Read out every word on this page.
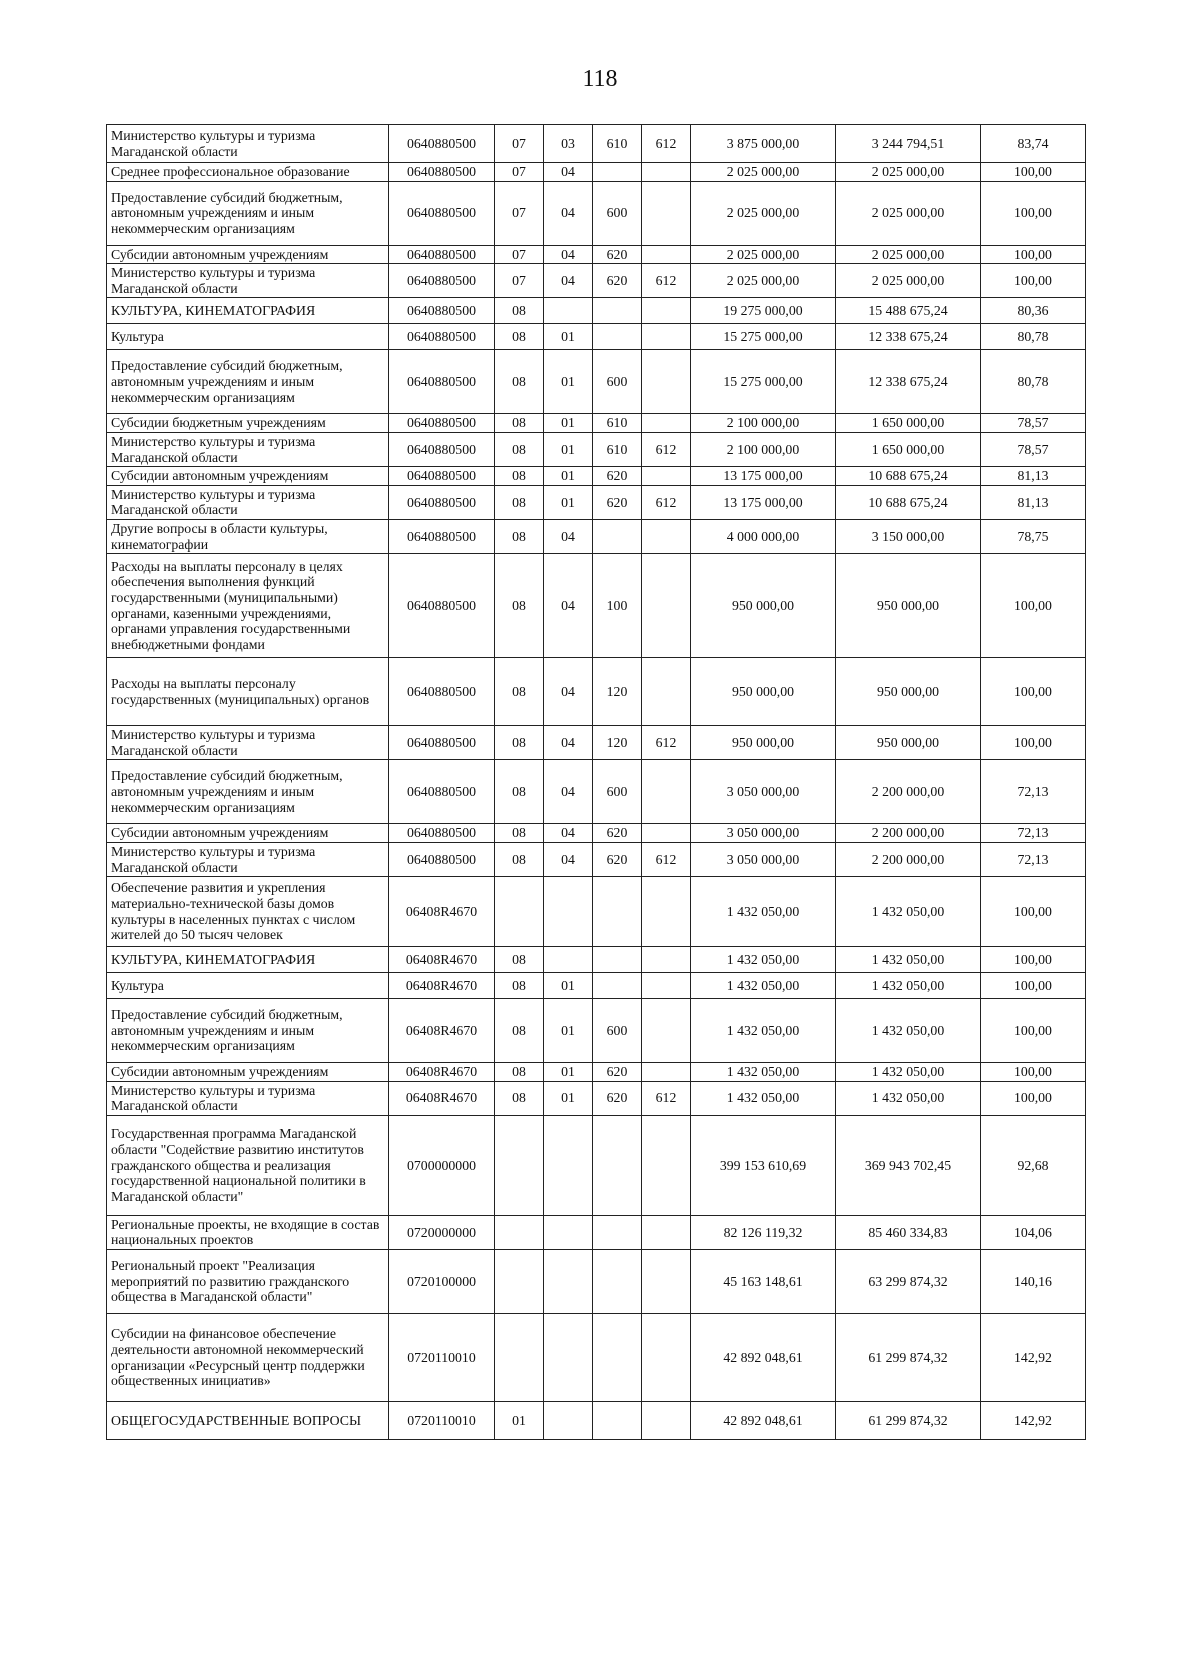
118
Министерство культуры и туризма Магаданской области	0640880500	07	03	610	612	3 875 000,00	3 244 794,51	83,74
Среднее профессиональное образование	0640880500	07	04			2 025 000,00	2 025 000,00	100,00
Предоставление субсидий бюджетным, автономным учреждениям и иным некоммерческим организациям	0640880500	07	04	600		2 025 000,00	2 025 000,00	100,00
Субсидии автономным учреждениям	0640880500	07	04	620		2 025 000,00	2 025 000,00	100,00
Министерство культуры и туризма Магаданской области	0640880500	07	04	620	612	2 025 000,00	2 025 000,00	100,00
КУЛЬТУРА, КИНЕМАТОГРАФИЯ	0640880500	08				19 275 000,00	15 488 675,24	80,36
Культура	0640880500	08	01			15 275 000,00	12 338 675,24	80,78
Предоставление субсидий бюджетным, автономным учреждениям и иным некоммерческим организациям	0640880500	08	01	600		15 275 000,00	12 338 675,24	80,78
Субсидии бюджетным учреждениям	0640880500	08	01	610		2 100 000,00	1 650 000,00	78,57
Министерство культуры и туризма Магаданской области	0640880500	08	01	610	612	2 100 000,00	1 650 000,00	78,57
Субсидии автономным учреждениям	0640880500	08	01	620		13 175 000,00	10 688 675,24	81,13
Министерство культуры и туризма Магаданской области	0640880500	08	01	620	612	13 175 000,00	10 688 675,24	81,13
Другие вопросы в области культуры, кинематографии	0640880500	08	04			4 000 000,00	3 150 000,00	78,75
Расходы на выплаты персоналу в целях обеспечения выполнения функций государственными (муниципальными) органами, казенными учреждениями, органами управления государственными внебюджетными фондами	0640880500	08	04	100		950 000,00	950 000,00	100,00
Расходы на выплаты персоналу государственных (муниципальных) органов	0640880500	08	04	120		950 000,00	950 000,00	100,00
Министерство культуры и туризма Магаданской области	0640880500	08	04	120	612	950 000,00	950 000,00	100,00
Предоставление субсидий бюджетным, автономным учреждениям и иным некоммерческим организациям	0640880500	08	04	600		3 050 000,00	2 200 000,00	72,13
Субсидии автономным учреждениям	0640880500	08	04	620		3 050 000,00	2 200 000,00	72,13
Министерство культуры и туризма Магаданской области	0640880500	08	04	620	612	3 050 000,00	2 200 000,00	72,13
Обеспечение развития и укрепления материально-технической базы домов культуры в населенных пунктах с числом жителей до 50 тысяч человек	06408R4670					1 432 050,00	1 432 050,00	100,00
КУЛЬТУРА, КИНЕМАТОГРАФИЯ	06408R4670	08				1 432 050,00	1 432 050,00	100,00
Культура	06408R4670	08	01			1 432 050,00	1 432 050,00	100,00
Предоставление субсидий бюджетным, автономным учреждениям и иным некоммерческим организациям	06408R4670	08	01	600		1 432 050,00	1 432 050,00	100,00
Субсидии автономным учреждениям	06408R4670	08	01	620		1 432 050,00	1 432 050,00	100,00
Министерство культуры и туризма Магаданской области	06408R4670	08	01	620	612	1 432 050,00	1 432 050,00	100,00
Государственная программа Магаданской области "Содействие развитию институтов гражданского общества и реализация государственной национальной политики в Магаданской области"	0700000000					399 153 610,69	369 943 702,45	92,68
Региональные проекты, не входящие в состав национальных проектов	0720000000					82 126 119,32	85 460 334,83	104,06
Региональный проект "Реализация мероприятий по развитию гражданского общества в Магаданской области"	0720100000					45 163 148,61	63 299 874,32	140,16
Субсидии на финансовое обеспечение деятельности автономной некоммерческий организации «Ресурсный центр поддержки общественных инициатив»	0720110010					42 892 048,61	61 299 874,32	142,92
ОБЩЕГОСУДАРСТВЕННЫЕ ВОПРОСЫ	0720110010	01				42 892 048,61	61 299 874,32	142,92
